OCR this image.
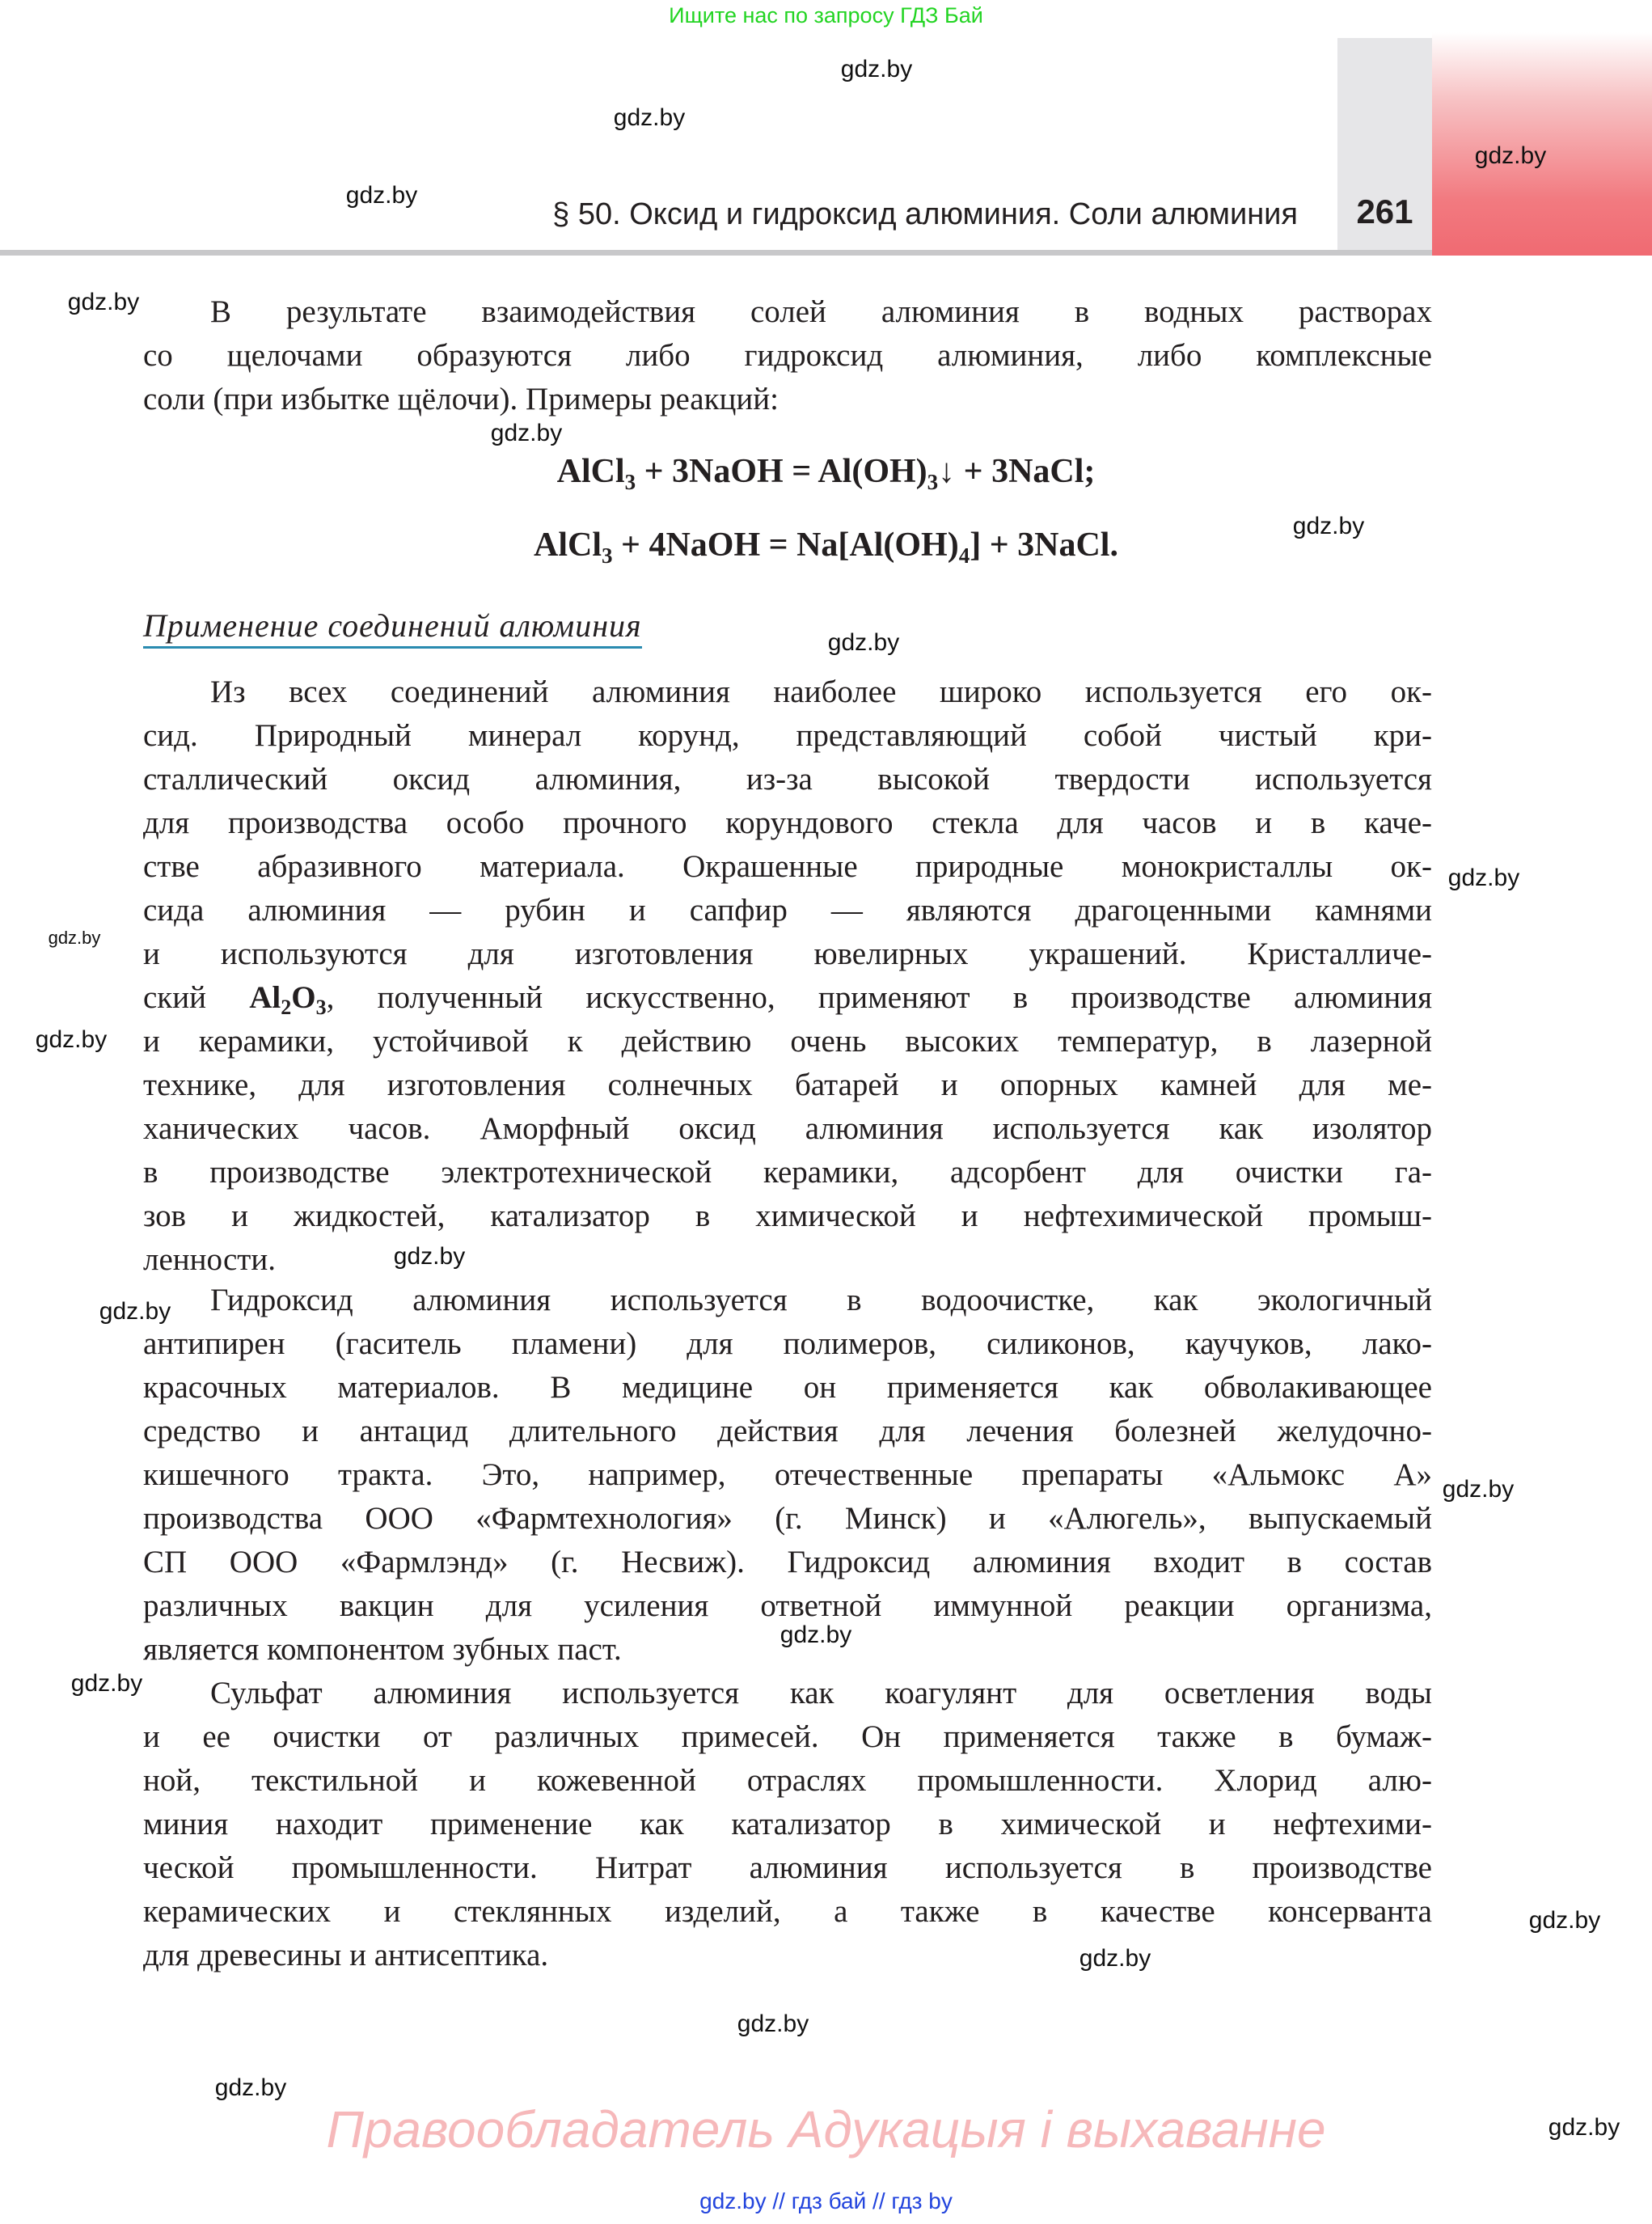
Ищите нас по запросу ГДЗ Бай
§ 50. Оксид и гидроксид алюминия. Соли алюминия	261
В результате взаимодействия солей алюминия в водных растворах
со щелочами образуются либо гидроксид алюминия, либо комплексные
соли (при избытке щёлочи). Примеры реакций:
AlCl$_3$ + 3NaOH = $Al(OH)_3↓$ + 3NaCl;
AlCl$_3$ + 4NaOH = $Na[Al(OH)_4]$ + 3NaCl.
Применение соединений алюминия
Из всех соединений алюминия наиболее широко используется его ок-
сид. Природный минерал корунд, представляющий собой чистый кри-
сталлический оксид алюминия, из-за высокой твердости используется
для производства особо прочного корундового стекла для часов и в каче-
стве абразивного материала. Окрашенные природные монокристаллы ок-
сида алюминия — рубин и сапфир — являются драгоценными камнями
и используются для изготовления ювелирных украшений. Кристалличе-
ский $Al_2O_3$, полученный искусственно, применяют в производстве алюминия
и керамики, устойчивой к действию очень высоких температур, в лазерной
технике, для изготовления солнечных батарей и опорных камней для ме-
ханических часов. Аморфный оксид алюминия используется как изолятор
в производстве электротехнической керамики, адсорбент для очистки га-
зов и жидкостей, катализатор в химической и нефтехимической промыш-
ленности.
Гидроксид алюминия используется в водоочистке, как экологичный
антипирен (гаситель пламени) для полимеров, силиконов, каучуков, лако-
красочных материалов. В медицине он применяется как обволакивающее
средство и антацид длительного действия для лечения болезней желудочно-
кишечного тракта. Это, например, отечественные препараты «Альмокс А»
производства ООО «Фармтехнология» (г. Минск) и «Алюгель», выпускаемый
СП ООО «Фармлэнд» (г. Несвиж). Гидроксид алюминия входит в состав
различных вакцин для усиления ответной иммунной реакции организма,
является компонентом зубных паст.
Сульфат алюминия используется как коагулянт для осветления воды
и ее очистки от различных примесей. Он применяется также в бумаж-
ной, текстильной и кожевенной отраслях промышленности. Хлорид алю-
миния находит применение как катализатор в химической и нефтехими-
ческой промышленности. Нитрат алюминия используется в производстве
керамических и стеклянных изделий, а также в качестве консерванта
для древесины и антисептика.
gdz.by
gdz.by
gdz.by
gdz.by
gdz.by
gdz.by
gdz.by
gdz.by
gdz.by
gdz.by
gdz.by
gdz.by
gdz.by
gdz.by
gdz.by
gdz.by
gdz.by
gdz.by
gdz.by
gdz.by
gdz.by
Правообладатель Адукацыя і выхаванне
gdz.by // гдз бай // гдз by
